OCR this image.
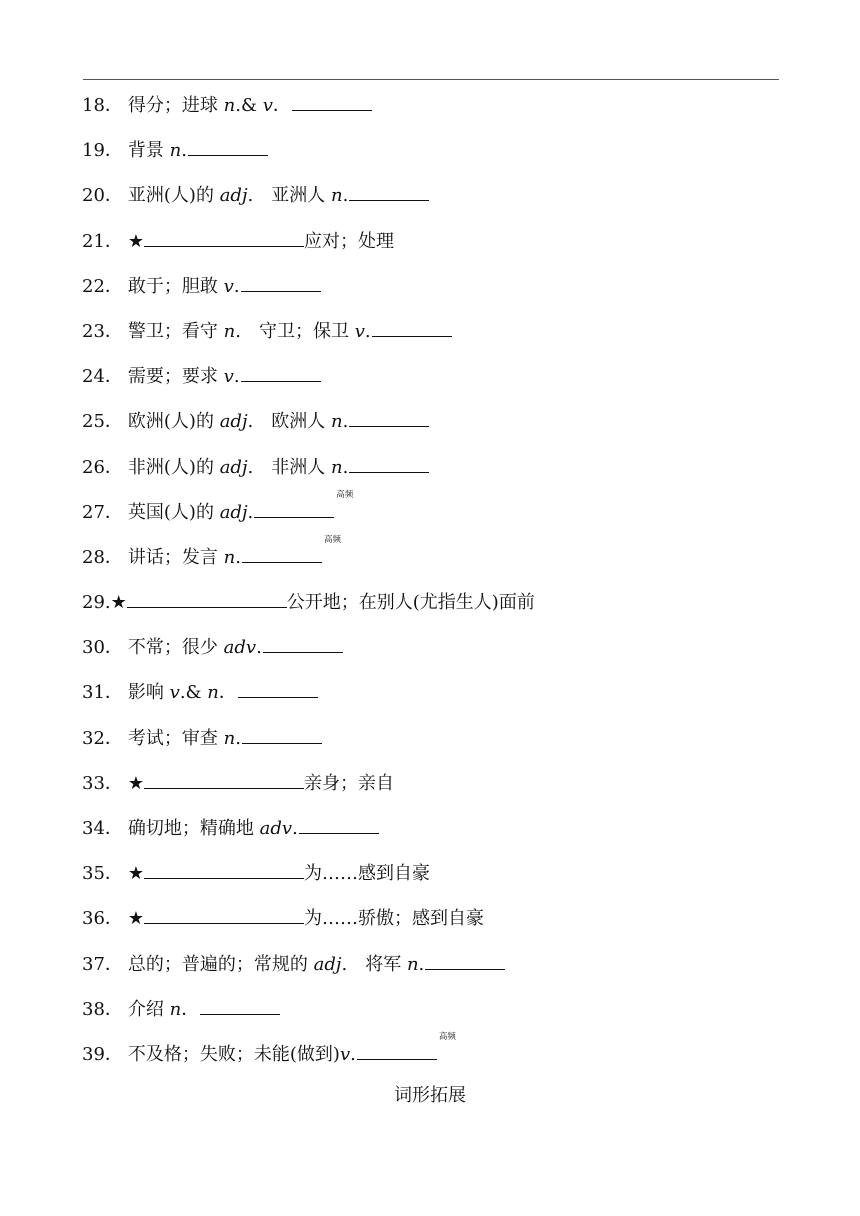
18． 得分；进球 n.& v．
19． 背景 n.
20． 亚洲(人)的 adj. 亚洲人 n.
21． ★	应对；处理
22． 敢于；胆敢 v.
23． 警卫；看守 n. 守卫；保卫 v.
24． 需要；要求 v.
25． 欧洲(人)的 adj. 欧洲人 n.
26． 非洲(人)的 adj. 非洲人 n.
27． 英国(人)的 adj.高频
28． 讲话；发言 n.高频
29.★	公开地；在别人(尤指生人)面前
30． 不常；很少 adv.
31． 影响 v.& n．
32． 考试；审查 n.
33． ★	亲身；亲自
34． 确切地；精确地 adv.
35． ★	为……感到自豪
36． ★	为……骄傲；感到自豪
37． 总的；普遍的；常规的 adj. 将军 n.
38． 介绍 n．
39． 不及格；失败；未能(做到)v.高频
词形拓展
